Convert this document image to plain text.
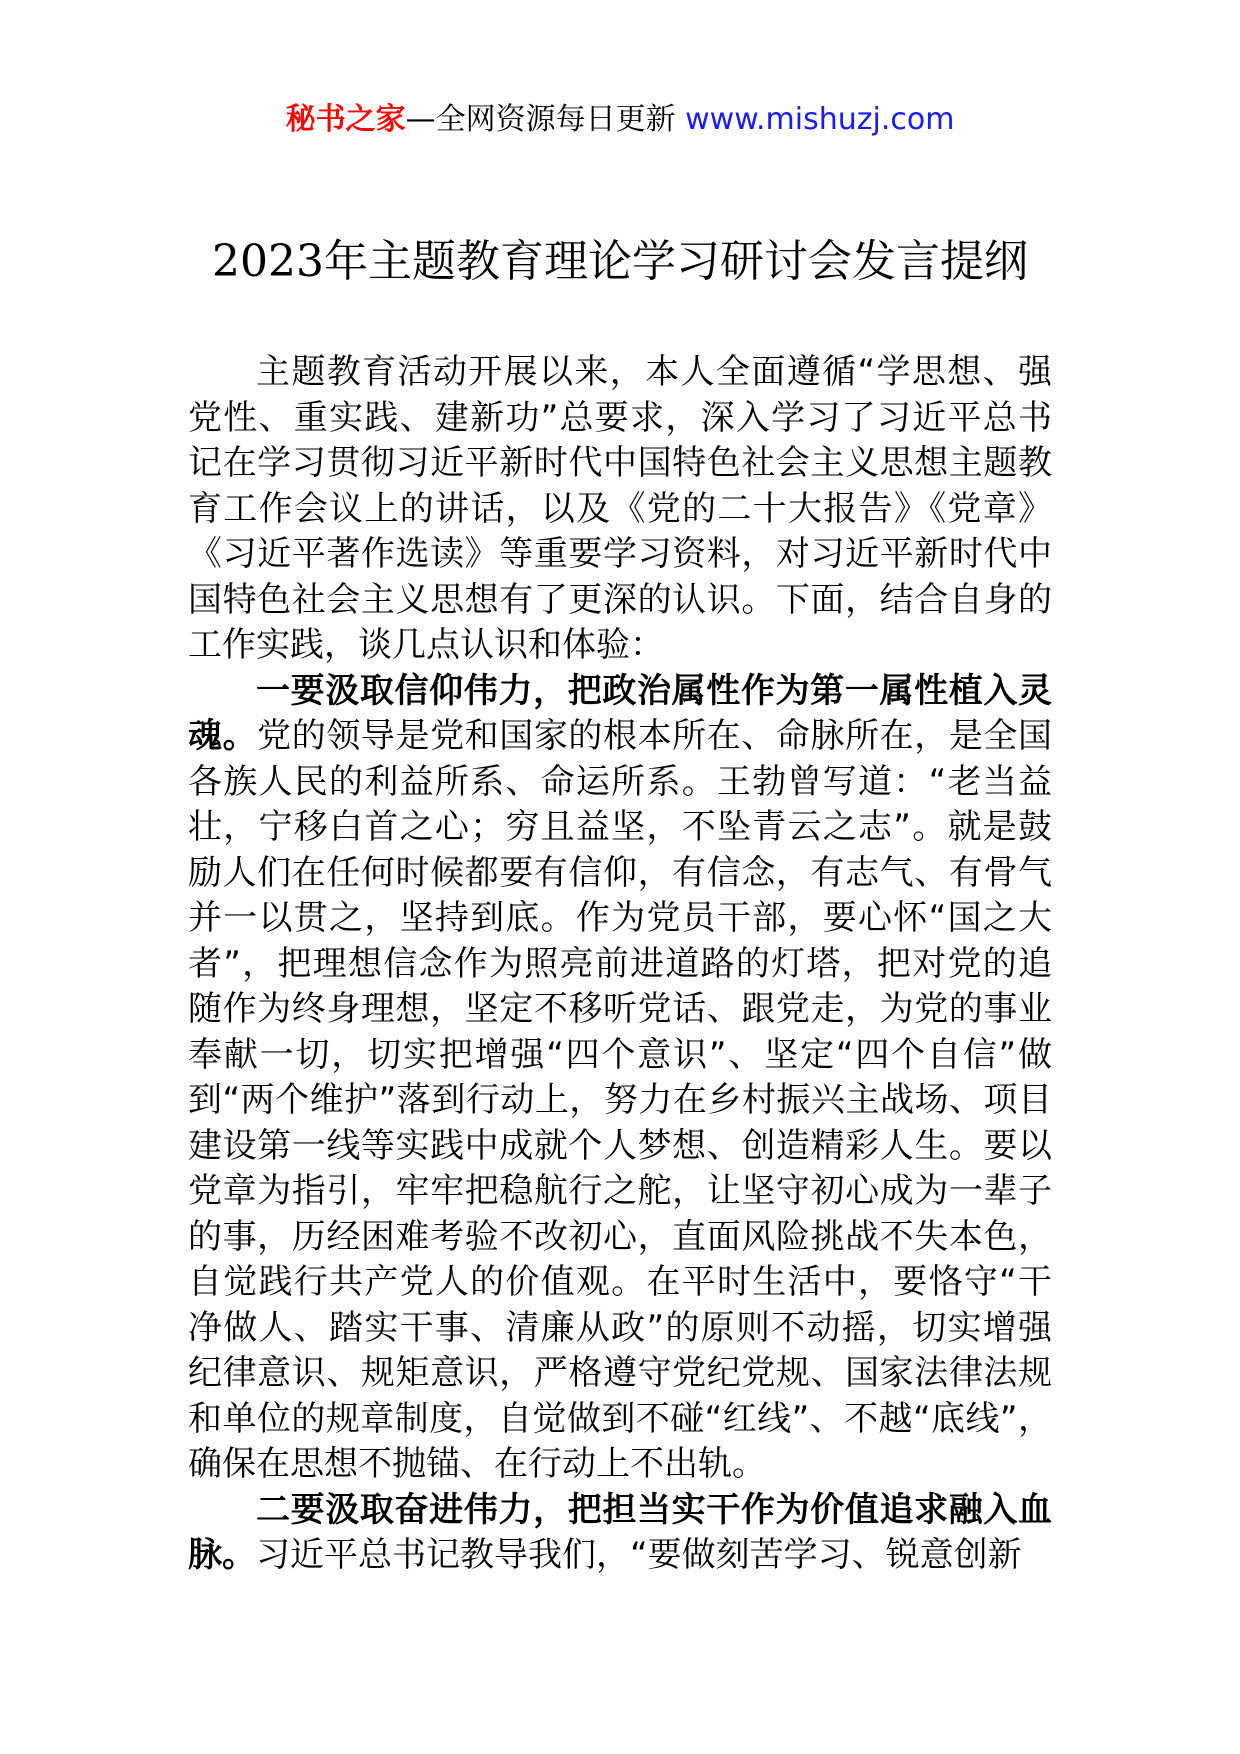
秘书之家—全网资源每日更新 www.mishuzj.com
2023年主题教育理论学习研讨会发言提纲

主题教育活动开展以来，本人全面遵循“学思想、强党性、重实践、建新功”总要求，深入学习了习近平总书记在学习贯彻习近平新时代中国特色社会主义思想主题教育工作会议上的讲话，以及《党的二十大报告》《党章》《习近平著作选读》等重要学习资料，对习近平新时代中国特色社会主义思想有了更深的认识。下面，结合自身的工作实践，谈几点认识和体验：

一要汲取信仰伟力，把政治属性作为第一属性植入灵魂。党的领导是党和国家的根本所在、命脉所在，是全国各族人民的利益所系、命运所系。王勃曾写道：“老当益壮，宁移白首之心；穷且益坚，不坠青云之志”。就是鼓励人们在任何时候都要有信仰，有信念，有志气、有骨气并一以贯之，坚持到底。作为党员干部，要心怀“国之大者”，把理想信念作为照亮前进道路的灯塔，把对党的追随作为终身理想，坚定不移听党话、跟党走，为党的事业奉献一切，切实把增强“四个意识”、坚定“四个自信”做到“两个维护”落到行动上，努力在乡村振兴主战场、项目建设第一线等实践中成就个人梦想、创造精彩人生。要以党章为指引，牢牢把稳航行之舵，让坚守初心成为一辈子的事，历经困难考验不改初心，直面风险挑战不失本色，自觉践行共产党人的价值观。在平时生活中，要恪守“干净做人、踏实干事、清廉从政”的原则不动摇，切实增强纪律意识、规矩意识，严格遵守党纪党规、国家法律法规和单位的规章制度，自觉做到不碰“红线”、不越“底线”，确保在思想不抛锚、在行动上不出轨。

二要汲取奋进伟力，把担当实干作为价值追求融入血脉。习近平总书记教导我们，“要做刻苦学习、锐意创新
